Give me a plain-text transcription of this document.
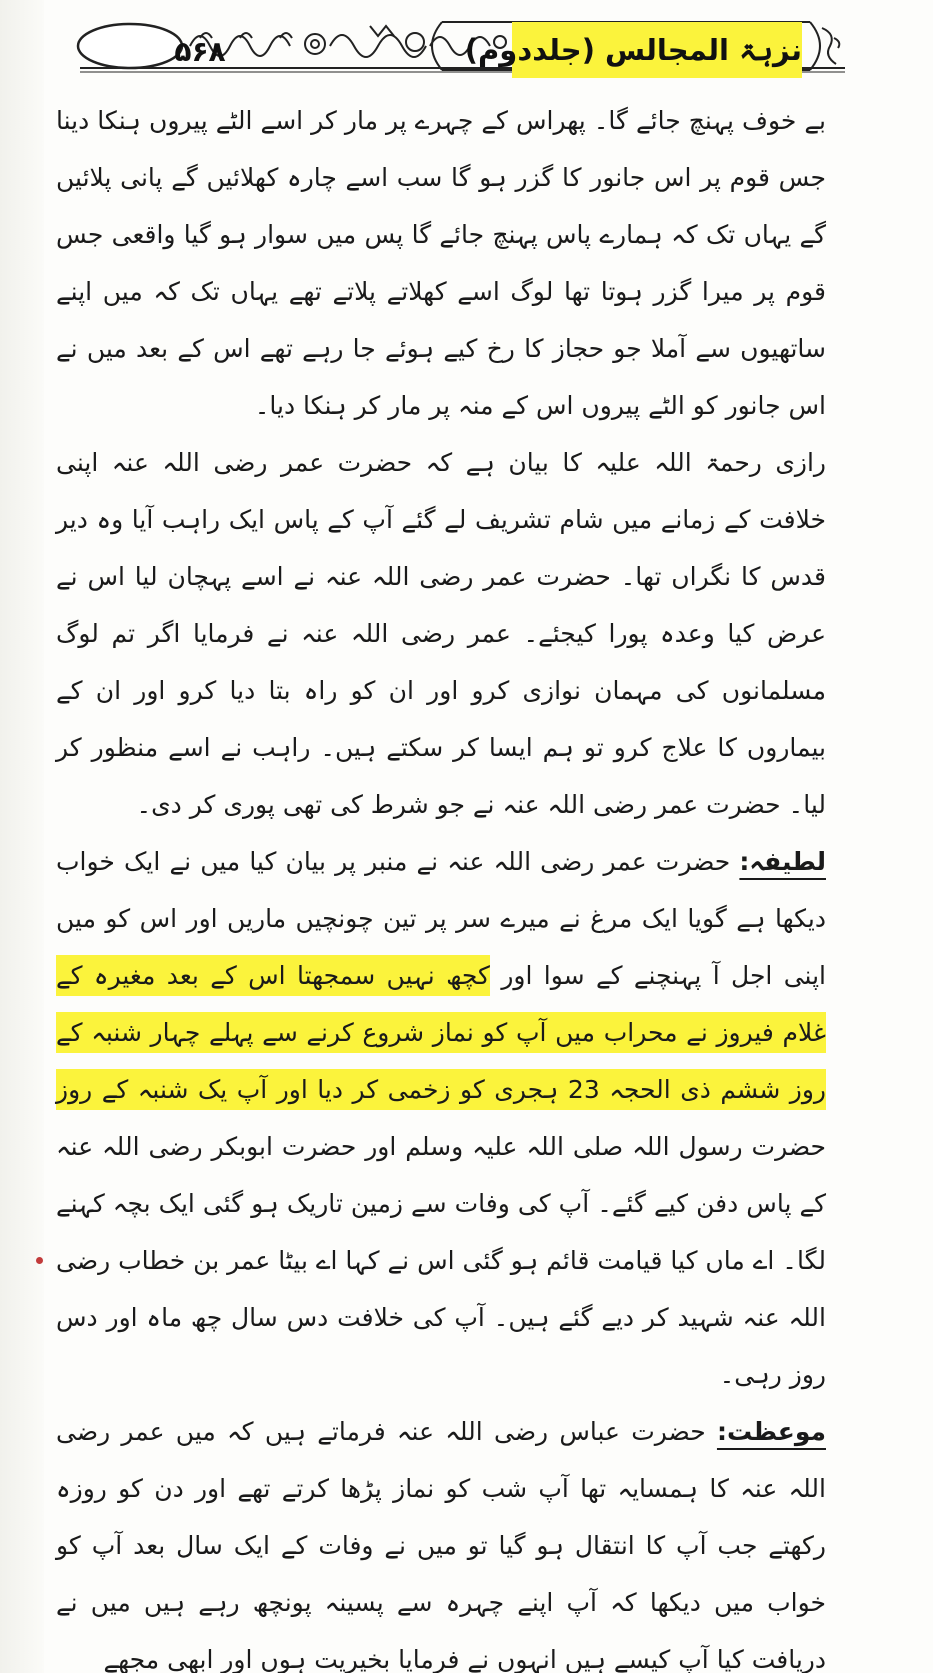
۵۶۸	نزہۃ المجالس (جلددوم)

بے خوف پہنچ جائے گا۔ پھراس کے چہرے پر مار کر اسے الٹے پیروں ہنکا دینا جس قوم پر اس جانور کا گزر ہو گا سب اسے چارہ کھلائیں گے پانی پلائیں گے یہاں تک کہ ہمارے پاس پہنچ جائے گا پس میں سوار ہو گیا واقعی جس قوم پر میرا گزر ہوتا تھا لوگ اسے کھلاتے پلاتے تھے یہاں تک کہ میں اپنے ساتھیوں سے آملا جو حجاز کا رخ کیے ہوئے جا رہے تھے اس کے بعد میں نے اس جانور کو الٹے پیروں اس کے منہ پر مار کر ہنکا دیا۔

رازی رحمۃ اللہ علیہ کا بیان ہے کہ حضرت عمر رضی اللہ عنہ اپنی خلافت کے زمانے میں شام تشریف لے گئے آپ کے پاس ایک راہب آیا وہ دیر قدس کا نگراں تھا۔ حضرت عمر رضی اللہ عنہ نے اسے پہچان لیا اس نے عرض کیا وعدہ پورا کیجئے۔ عمر رضی اللہ عنہ نے فرمایا اگر تم لوگ مسلمانوں کی مہمان نوازی کرو اور ان کو راہ بتا دیا کرو اور ان کے بیماروں کا علاج کرو تو ہم ایسا کر سکتے ہیں۔ راہب نے اسے منظور کر لیا۔ حضرت عمر رضی اللہ عنہ نے جو شرط کی تھی پوری کر دی۔

لطیفہ: حضرت عمر رضی اللہ عنہ نے منبر پر بیان کیا میں نے ایک خواب دیکھا ہے گویا ایک مرغ نے میرے سر پر تین چونچیں ماریں اور اس کو میں اپنی اجل آ پہنچنے کے سوا اور کچھ نہیں سمجھتا اس کے بعد مغیرہ کے غلام فیروز نے محراب میں آپ کو نماز شروع کرنے سے پہلے چہار شنبہ کے روز ششم ذی الحجہ 23 ہجری کو زخمی کر دیا اور آپ یک شنبہ کے روز حضرت رسول اللہ صلی اللہ علیہ وسلم اور حضرت ابوبکر رضی اللہ عنہ کے پاس دفن کیے گئے۔ آپ کی وفات سے زمین تاریک ہو گئی ایک بچہ کہنے لگا۔ اے ماں کیا قیامت قائم ہو گئی اس نے کہا اے بیٹا عمر بن خطاب رضی اللہ عنہ شہید کر دیے گئے ہیں۔ آپ کی خلافت دس سال چھ ماہ اور دس روز رہی۔

موعظت: حضرت عباس رضی اللہ عنہ فرماتے ہیں کہ میں عمر رضی اللہ عنہ کا ہمسایہ تھا آپ شب کو نماز پڑھا کرتے تھے اور دن کو روزہ رکھتے جب آپ کا انتقال ہو گیا تو میں نے وفات کے ایک سال بعد آپ کو خواب میں دیکھا کہ آپ اپنے چہرہ سے پسینہ پونچھ رہے ہیں میں نے دریافت کیا آپ کیسے ہیں انہوں نے فرمایا بخیریت ہوں اور ابھی مجھے
